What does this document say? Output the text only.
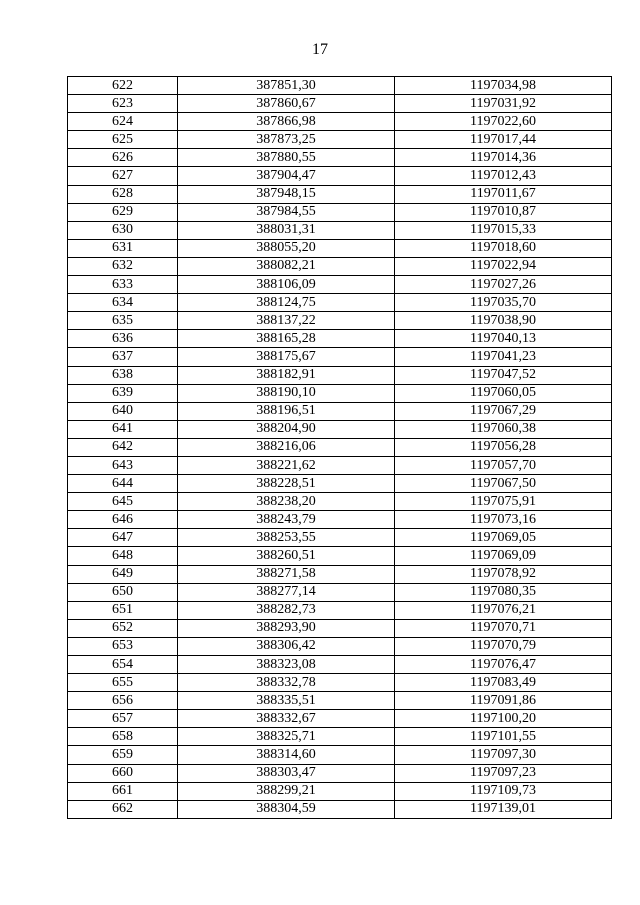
17
622	387851,30	1197034,98
623	387860,67	1197031,92
624	387866,98	1197022,60
625	387873,25	1197017,44
626	387880,55	1197014,36
627	387904,47	1197012,43
628	387948,15	1197011,67
629	387984,55	1197010,87
630	388031,31	1197015,33
631	388055,20	1197018,60
632	388082,21	1197022,94
633	388106,09	1197027,26
634	388124,75	1197035,70
635	388137,22	1197038,90
636	388165,28	1197040,13
637	388175,67	1197041,23
638	388182,91	1197047,52
639	388190,10	1197060,05
640	388196,51	1197067,29
641	388204,90	1197060,38
642	388216,06	1197056,28
643	388221,62	1197057,70
644	388228,51	1197067,50
645	388238,20	1197075,91
646	388243,79	1197073,16
647	388253,55	1197069,05
648	388260,51	1197069,09
649	388271,58	1197078,92
650	388277,14	1197080,35
651	388282,73	1197076,21
652	388293,90	1197070,71
653	388306,42	1197070,79
654	388323,08	1197076,47
655	388332,78	1197083,49
656	388335,51	1197091,86
657	388332,67	1197100,20
658	388325,71	1197101,55
659	388314,60	1197097,30
660	388303,47	1197097,23
661	388299,21	1197109,73
662	388304,59	1197139,01
